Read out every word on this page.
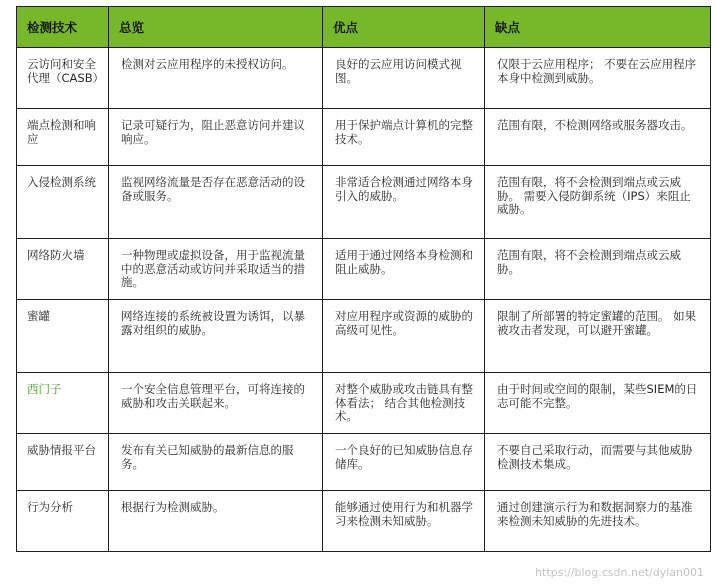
检测技术	总览	优点	缺点
云访问和安全代理（CASB）	检测对云应用程序的未授权访问。	良好的云应用访问模式视图。	仅限于云应用程序； 不要在云应用程序本身中检测到威胁。
端点检测和响应	记录可疑行为，阻止恶意访问并建议响应。	用于保护端点计算机的完整技术。	范围有限，不检测网络或服务器攻击。
入侵检测系统	监视网络流量是否存在恶意活动的设备或服务。	非常适合检测通过网络本身引入的威胁。	范围有限，将不会检测到端点或云威胁。 需要入侵防御系统（IPS）来阻止威胁。
网络防火墙	一种物理或虚拟设备，用于监视流量中的恶意活动或访问并采取适当的措施。	适用于通过网络本身检测和阻止威胁。	范围有限，将不会检测到端点或云威胁。
蜜罐	网络连接的系统被设置为诱饵，以暴露对组织的威胁。	对应用程序或资源的威胁的高级可见性。	限制了所部署的特定蜜罐的范围。 如果被攻击者发现，可以避开蜜罐。
西门子	一个安全信息管理平台，可将连接的威胁和攻击关联起来。	对整个威胁或攻击链具有整体看法； 结合其他检测技术。	由于时间或空间的限制，某些SIEM的日志可能不完整。
威胁情报平台	发布有关已知威胁的最新信息的服务。	一个良好的已知威胁信息存储库。	不要自己采取行动，而需要与其他威胁检测技术集成。
行为分析	根据行为检测威胁。	能够通过使用行为和机器学习来检测未知威胁。	通过创建演示行为和数据洞察力的基准来检测未知威胁的先进技术。
https://blog.csdn.net/dylan001
